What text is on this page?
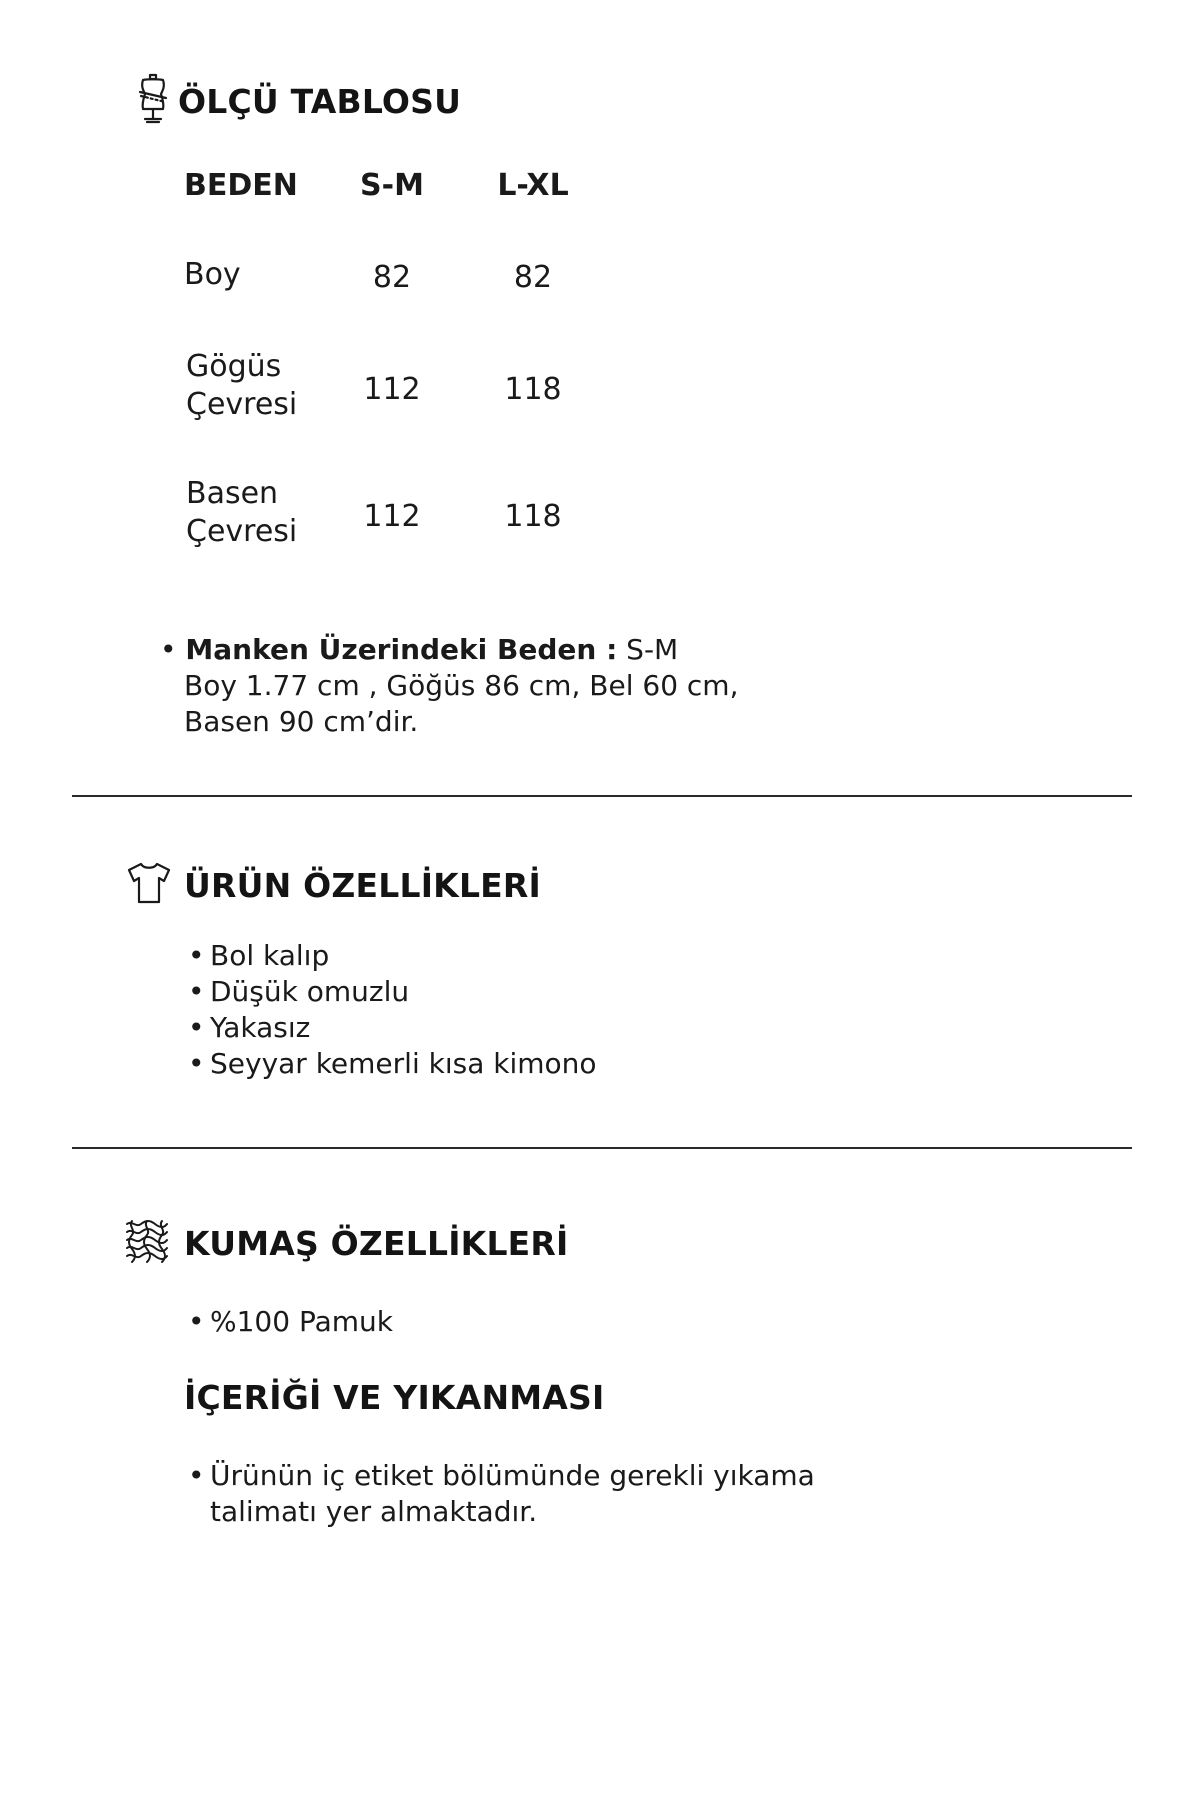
ÖLÇÜ TABLOSU
BEDEN	S-M	L-XL
Boy	82	82
Gögüs
Çevresi	112	118
Basen
Çevresi	112	118
• Manken Üzerindeki Beden : S-M
Boy 1.77 cm , Göğüs 86 cm, Bel 60 cm,
Basen 90 cm’dir.
ÜRÜN ÖZELLİKLERİ
• Bol kalıp
• Düşük omuzlu
• Yakasız
• Seyyar kemerli kısa kimono
KUMAŞ ÖZELLİKLERİ
• %100 Pamuk
İÇERİĞİ VE YIKANMASI
• Ürünün iç etiket bölümünde gerekli yıkama
talimatı yer almaktadır.
